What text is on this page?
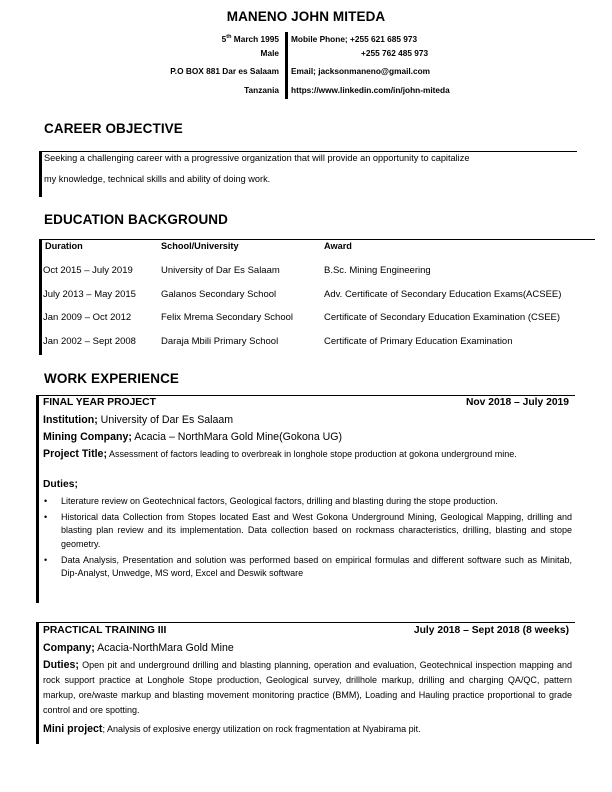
MANENO JOHN MITEDA
5th March 1995
Male
P.O BOX 881 Dar es Salaam
Tanzania
Mobile Phone; +255 621 685 973
+255 762 485 973
Email; jacksonmaneno@gmail.com
https://www.linkedin.com/in/john-miteda
CAREER OBJECTIVE
Seeking a challenging career with a progressive organization that will provide an opportunity to capitalize
my knowledge, technical skills and ability of doing work.
EDUCATION BACKGROUND
Duration	School/University	Award
Oct 2015 – July 2019	University of Dar Es Salaam	B.Sc. Mining Engineering
July 2013 – May 2015	Galanos Secondary School	Adv. Certificate of Secondary Education Exams(ACSEE)
Jan 2009 – Oct 2012	Felix Mrema Secondary School	Certificate of Secondary Education Examination (CSEE)
Jan 2002 – Sept 2008	Daraja Mbili Primary School	Certificate of Primary Education Examination
WORK EXPERIENCE
FINAL YEAR PROJECT	Nov 2018 – July 2019
Institution; University of Dar Es Salaam
Mining Company; Acacia – NorthMara Gold Mine(Gokona UG)
Project Title; Assessment of factors leading to overbreak in longhole stope production at gokona underground mine.
Duties;
• Literature review on Geotechnical factors, Geological factors, drilling and blasting during the stope production.
• Historical data Collection from Stopes located East and West Gokona Underground Mining, Geological Mapping, drilling and blasting plan review and its implementation. Data collection based on rockmass characteristics, drilling, blasting and stope geometry.
• Data Analysis, Presentation and solution was performed based on empirical formulas and different software such as Minitab, Dip-Analyst, Unwedge, MS word, Excel and Deswik software
PRACTICAL TRAINING III	July 2018 – Sept 2018 (8 weeks)
Company; Acacia-NorthMara Gold Mine
Duties; Open pit and underground drilling and blasting planning, operation and evaluation, Geotechnical inspection mapping and rock support practice at Longhole Stope production, Geological survey, drillhole markup, drilling and charging QA/QC, pattern markup, ore/waste markup and blasting movement monitoring practice (BMM), Loading and Hauling practice proportional to grade control and ore spotting.
Mini project; Analysis of explosive energy utilization on rock fragmentation at Nyabirama pit.
